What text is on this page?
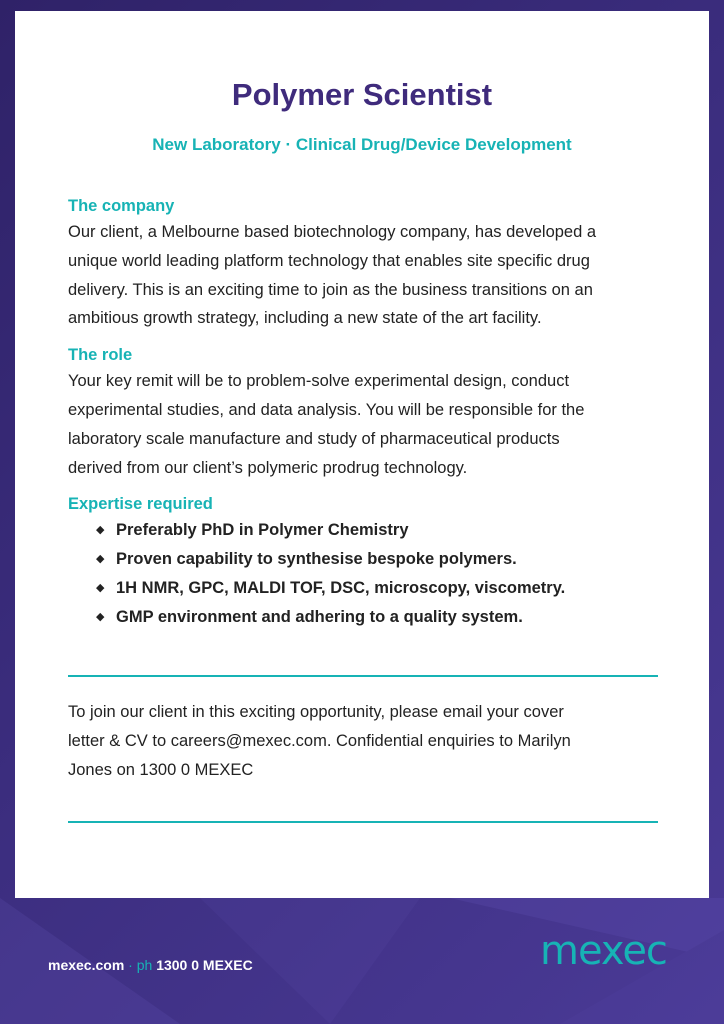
Polymer Scientist
New Laboratory · Clinical Drug/Device Development
The company
Our client, a Melbourne based biotechnology company, has developed a
unique world leading platform technology that enables site specific drug
delivery. This is an exciting time to join as the business transitions on an
ambitious growth strategy, including a new state of the art facility.
The role
Your key remit will be to problem-solve experimental design, conduct
experimental studies, and data analysis. You will be responsible for the
laboratory scale manufacture and study of pharmaceutical products
derived from our client’s polymeric prodrug technology.
Expertise required
◆ Preferably PhD in Polymer Chemistry
◆ Proven capability to synthesise bespoke polymers.
◆ 1H NMR, GPC, MALDI TOF, DSC, microscopy, viscometry.
◆ GMP environment and adhering to a quality system.
To join our client in this exciting opportunity, please email your cover
letter & CV to careers@mexec.com. Confidential enquiries to Marilyn
Jones on 1300 0 MEXEC
mexec.com · ph 1300 0 MEXEC	mexec
